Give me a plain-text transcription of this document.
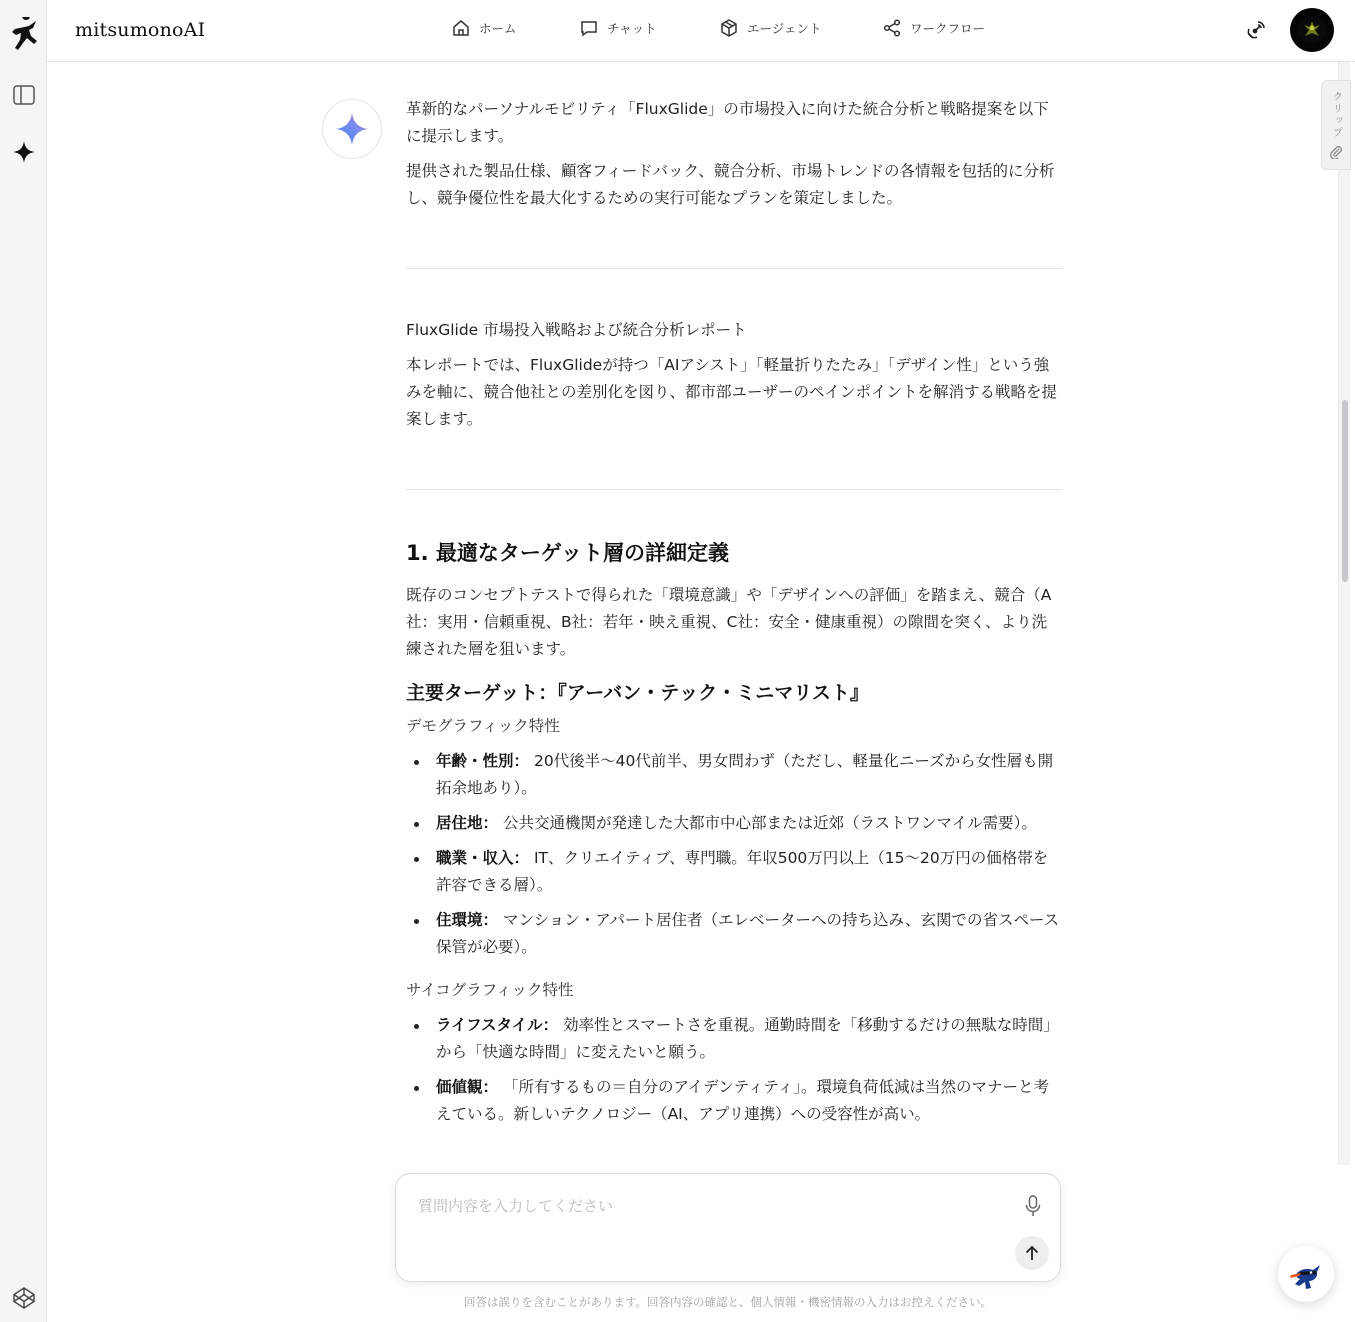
mitsumonoAI	ホーム	チャット	エージェント	ワークフロー
クリップ
革新的なパーソナルモビリティ「FluxGlide」の市場投入に向けた統合分析と戦略提案を以下に提示します。
提供された製品仕様、顧客フィードバック、競合分析、市場トレンドの各情報を包括的に分析し、競争優位性を最大化するための実行可能なプランを策定しました。
FluxGlide 市場投入戦略および統合分析レポート
本レポートでは、FluxGlideが持つ「AIアシスト」「軽量折りたたみ」「デザイン性」という強みを軸に、競合他社との差別化を図り、都市部ユーザーのペインポイントを解消する戦略を提案します。
1. 最適なターゲット層の詳細定義
既存のコンセプトテストで得られた「環境意識」や「デザインへの評価」を踏まえ、競合（A社：実用・信頼重視、B社：若年・映え重視、C社：安全・健康重視）の隙間を突く、より洗練された層を狙います。
主要ターゲット：『アーバン・テック・ミニマリスト』
デモグラフィック特性
年齢・性別： 20代後半〜40代前半、男女問わず（ただし、軽量化ニーズから女性層も開拓余地あり）。
居住地： 公共交通機関が発達した大都市中心部または近郊（ラストワンマイル需要）。
職業・収入： IT、クリエイティブ、専門職。年収500万円以上（15〜20万円の価格帯を許容できる層）。
住環境： マンション・アパート居住者（エレベーターへの持ち込み、玄関での省スペース保管が必要）。
サイコグラフィック特性
ライフスタイル： 効率性とスマートさを重視。通勤時間を「移動するだけの無駄な時間」から「快適な時間」に変えたいと願う。
価値観： 「所有するもの＝自分のアイデンティティ」。環境負荷低減は当然のマナーと考えている。新しいテクノロジー（AI、アプリ連携）への受容性が高い。
質問内容を入力してください
回答は誤りを含むことがあります。回答内容の確認と、個人情報・機密情報の入力はお控えください。
